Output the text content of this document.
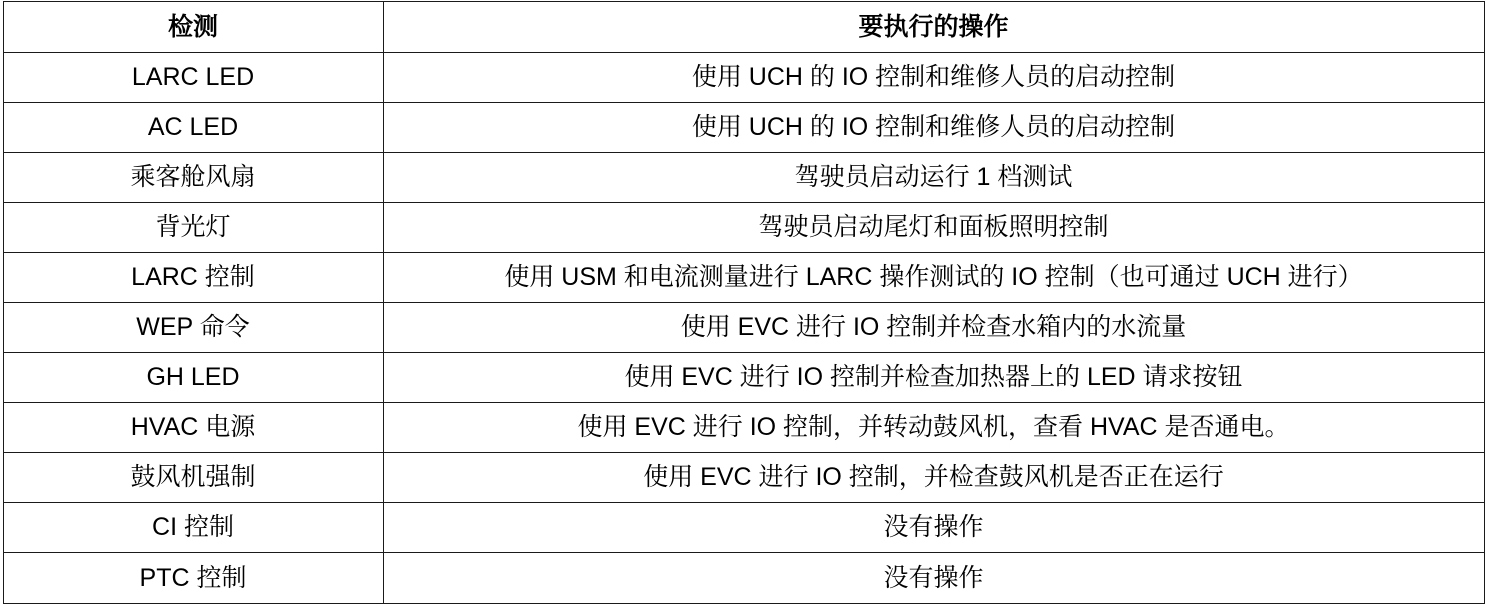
检测	要执行的操作
LARC LED	使用 UCH 的 IO 控制和维修人员的启动控制
AC LED	使用 UCH 的 IO 控制和维修人员的启动控制
乘客舱风扇	驾驶员启动运行 1 档测试
背光灯	驾驶员启动尾灯和面板照明控制
LARC 控制	使用 USM 和电流测量进行 LARC 操作测试的 IO 控制（也可通过 UCH 进行）
WEP 命令	使用 EVC 进行 IO 控制并检查水箱内的水流量
GH LED	使用 EVC 进行 IO 控制并检查加热器上的 LED 请求按钮
HVAC 电源	使用 EVC 进行 IO 控制，并转动鼓风机，查看 HVAC 是否通电。
鼓风机强制	使用 EVC 进行 IO 控制，并检查鼓风机是否正在运行
CI 控制	没有操作
PTC 控制	没有操作
